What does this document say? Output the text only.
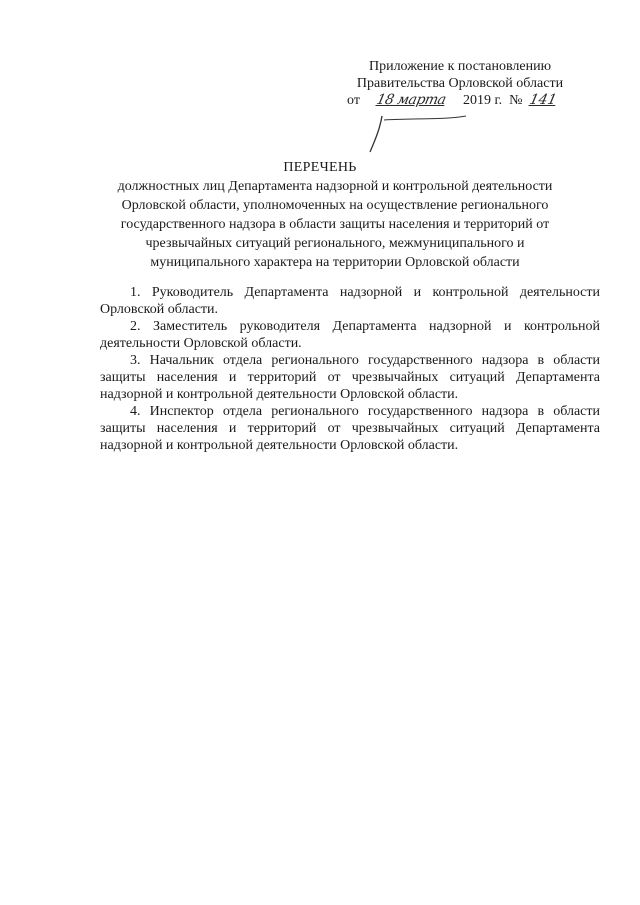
Приложение к постановлению
Правительства Орловской области
от 18 марта 2019 г. № 141
ПЕРЕЧЕНЬ
должностных лиц Департамента надзорной и контрольной деятельности Орловской области, уполномоченных на осуществление регионального государственного надзора в области защиты населения и территорий от чрезвычайных ситуаций регионального, межмуниципального и муниципального характера на территории Орловской области

1. Руководитель Департамента надзорной и контрольной деятельности Орловской области.

2. Заместитель руководителя Департамента надзорной и контрольной деятельности Орловской области.

3. Начальник отдела регионального государственного надзора в области защиты населения и территорий от чрезвычайных ситуаций Департамента надзорной и контрольной деятельности Орловской области.

4. Инспектор отдела регионального государственного надзора в области защиты населения и территорий от чрезвычайных ситуаций Департамента надзорной и контрольной деятельности Орловской области.
